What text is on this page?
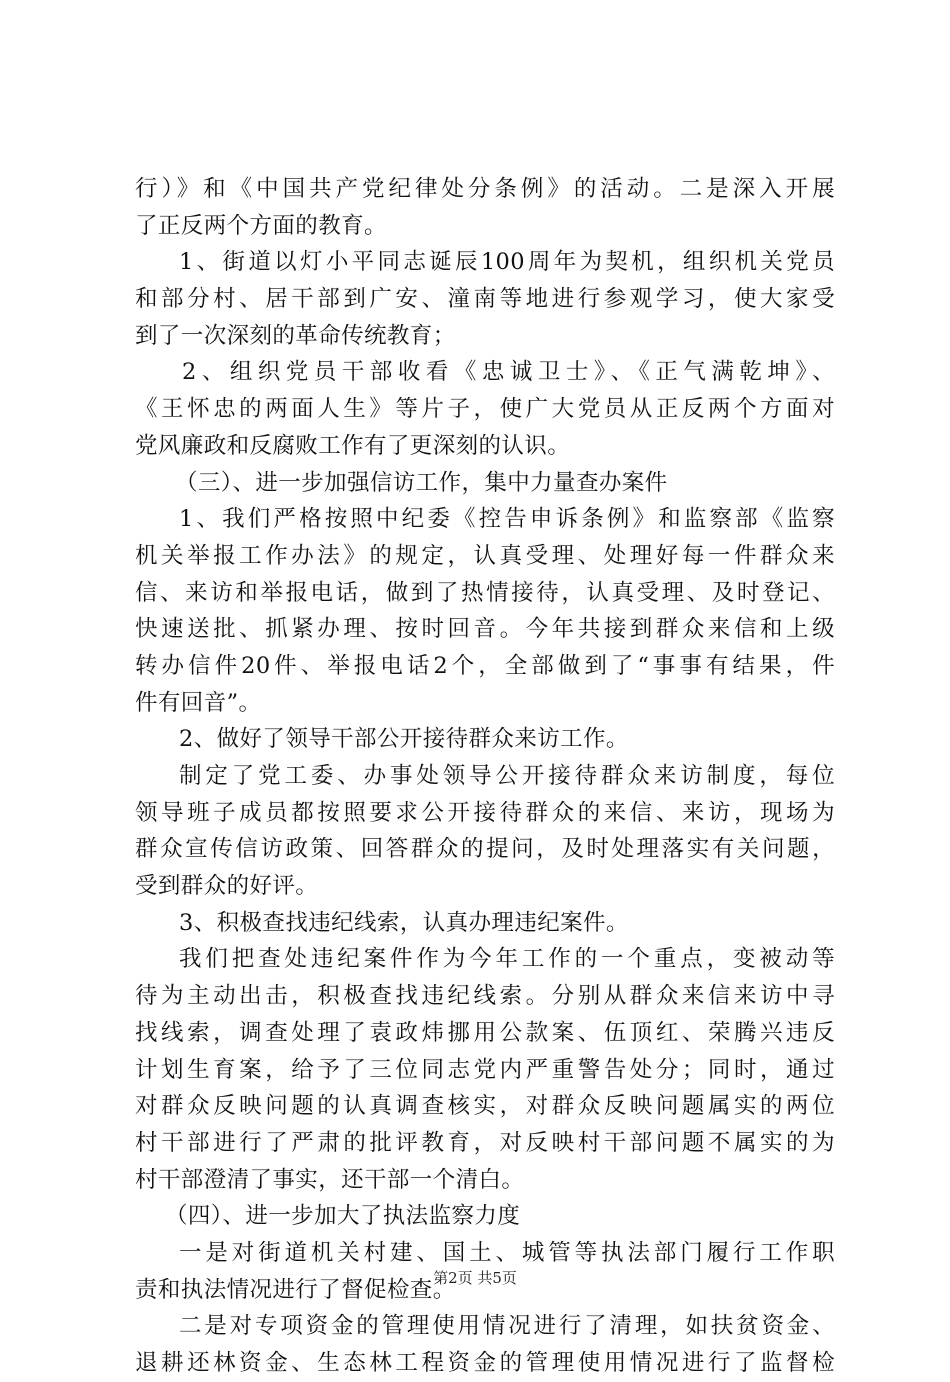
行）》和《中国共产党纪律处分条例》的活动。二是深入开展
了正反两个方面的教育。
1、街道以灯小平同志诞辰100周年为契机，组织机关党员
和部分村、居干部到广安、潼南等地进行参观学习，使大家受
到了一次深刻的革命传统教育；
2、组织党员干部收看《忠诚卫士》、《正气满乾坤》、
《王怀忠的两面人生》等片子，使广大党员从正反两个方面对
党风廉政和反腐败工作有了更深刻的认识。
（三）、进一步加强信访工作，集中力量查办案件
1、我们严格按照中纪委《控告申诉条例》和监察部《监察
机关举报工作办法》的规定，认真受理、处理好每一件群众来
信、来访和举报电话，做到了热情接待，认真受理、及时登记、
快速送批、抓紧办理、按时回音。今年共接到群众来信和上级
转办信件20件、举报电话2个，全部做到了“事事有结果，件
件有回音”。
2、做好了领导干部公开接待群众来访工作。
制定了党工委、办事处领导公开接待群众来访制度，每位
领导班子成员都按照要求公开接待群众的来信、来访，现场为
群众宣传信访政策、回答群众的提问，及时处理落实有关问题，
受到群众的好评。
3、积极查找违纪线索，认真办理违纪案件。
我们把查处违纪案件作为今年工作的一个重点，变被动等
待为主动出击，积极查找违纪线索。分别从群众来信来访中寻
找线索，调查处理了袁政炜挪用公款案、伍顶红、荣腾兴违反
计划生育案，给予了三位同志党内严重警告处分；同时，通过
对群众反映问题的认真调查核实，对群众反映问题属实的两位
村干部进行了严肃的批评教育，对反映村干部问题不属实的为
村干部澄清了事实，还干部一个清白。
（四）、进一步加大了执法监察力度
一是对街道机关村建、国土、城管等执法部门履行工作职
责和执法情况进行了督促检查。
二是对专项资金的管理使用情况进行了清理，如扶贫资金、
退耕还林资金、生态林工程资金的管理使用情况进行了监督检
第2页 共5页
